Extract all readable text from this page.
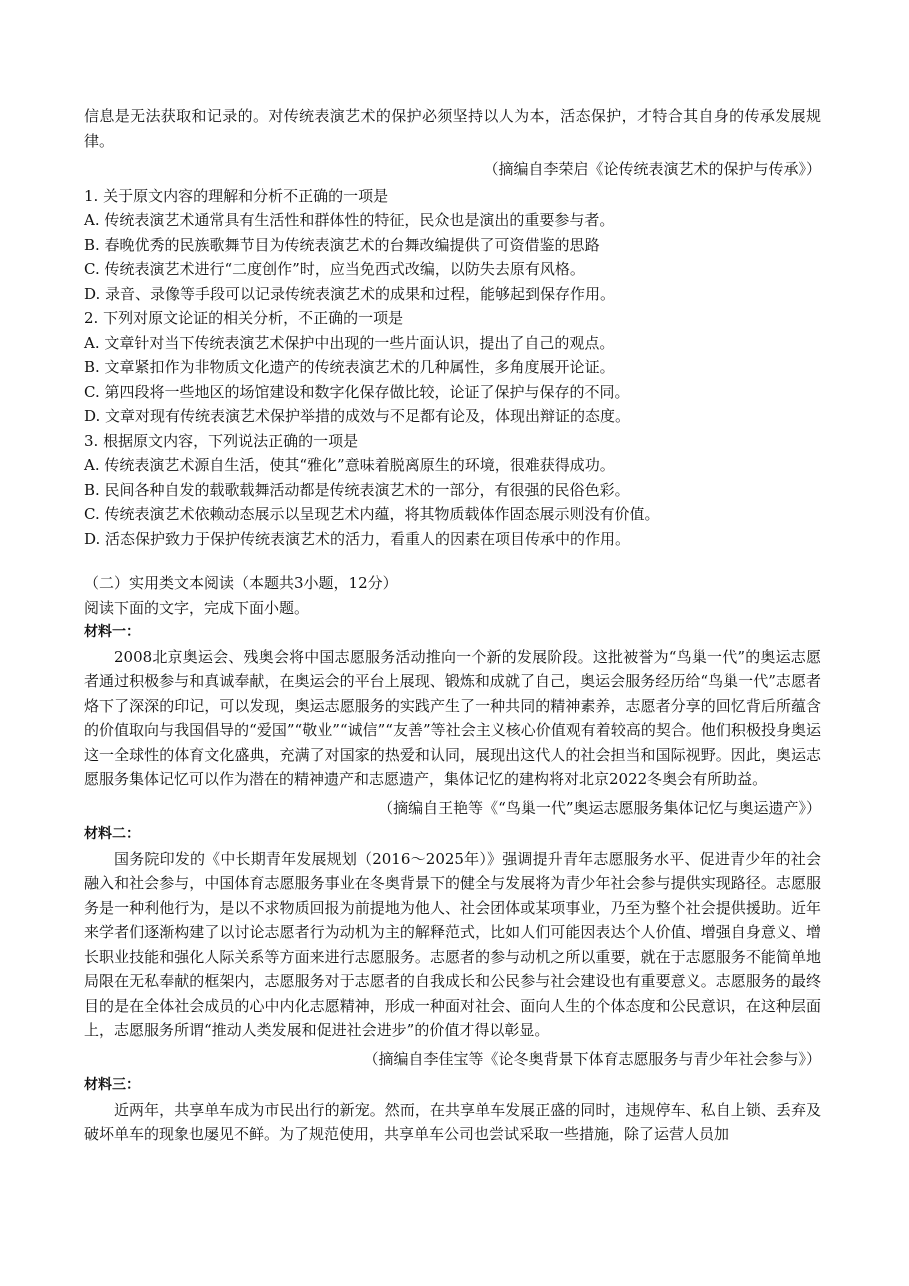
信息是无法获取和记录的。对传统表演艺术的保护必须坚持以人为本，活态保护，才特合其自身的传承发展规律。

（摘编自李荣启《论传统表演艺术的保护与传承》）

1. 关于原文内容的理解和分析不正确的一项是

A. 传统表演艺术通常具有生活性和群体性的特征，民众也是演出的重要参与者。

B. 春晚优秀的民族歌舞节目为传统表演艺术的台舞改编提供了可资借鉴的思路

C. 传统表演艺术进行“二度创作”时，应当免西式改编，以防失去原有风格。

D. 录音、录像等手段可以记录传统表演艺术的成果和过程，能够起到保存作用。

2. 下列对原文论证的相关分析，不正确的一项是

A. 文章针对当下传统表演艺术保护中出现的一些片面认识，提出了自己的观点。

B. 文章紧扣作为非物质文化遗产的传统表演艺术的几种属性，多角度展开论证。

C. 第四段将一些地区的场馆建设和数字化保存做比较，论证了保护与保存的不同。

D. 文章对现有传统表演艺术保护举措的成效与不足都有论及，体现出辩证的态度。

3. 根据原文内容，下列说法正确的一项是

A. 传统表演艺术源自生活，使其“雅化”意味着脱离原生的环境，很难获得成功。

B. 民间各种自发的载歌载舞活动都是传统表演艺术的一部分，有很强的民俗色彩。

C. 传统表演艺术依赖动态展示以呈现艺术内蕴，将其物质载体作固态展示则没有价值。

D. 活态保护致力于保护传统表演艺术的活力，看重人的因素在项目传承中的作用。

（二）实用类文本阅读（本题共3小题，12分）

阅读下面的文字，完成下面小题。

材料一：

2008北京奥运会、残奥会将中国志愿服务活动推向一个新的发展阶段。这批被誉为“鸟巢一代”的奥运志愿者通过积极参与和真诚奉献，在奥运会的平台上展现、锻炼和成就了自己，奥运会服务经历给“鸟巢一代”志愿者烙下了深深的印记，可以发现，奥运志愿服务的实践产生了一种共同的精神素养，志愿者分享的回忆背后所蕴含的价值取向与我国倡导的“爱国”“敬业”“诚信”“友善”等社会主义核心价值观有着较高的契合。他们积极投身奥运这一全球性的体育文化盛典，充满了对国家的热爱和认同，展现出这代人的社会担当和国际视野。因此，奥运志愿服务集体记忆可以作为潜在的精神遗产和志愿遗产，集体记忆的建构将对北京2022冬奥会有所助益。

（摘编自王艳等《“鸟巢一代”奥运志愿服务集体记忆与奥运遗产》）

材料二：

国务院印发的《中长期青年发展规划（2016～2025年）》强调提升青年志愿服务水平、促进青少年的社会融入和社会参与，中国体育志愿服务事业在冬奥背景下的健全与发展将为青少年社会参与提供实现路径。志愿服务是一种利他行为，是以不求物质回报为前提地为他人、社会团体或某项事业，乃至为整个社会提供援助。近年来学者们逐渐构建了以讨论志愿者行为动机为主的解释范式，比如人们可能因表达个人价值、增强自身意义、增长职业技能和强化人际关系等方面来进行志愿服务。志愿者的参与动机之所以重要，就在于志愿服务不能简单地局限在无私奉献的框架内，志愿服务对于志愿者的自我成长和公民参与社会建设也有重要意义。志愿服务的最终目的是在全体社会成员的心中内化志愿精神，形成一种面对社会、面向人生的个体态度和公民意识，在这种层面上，志愿服务所谓“推动人类发展和促进社会进步”的价值才得以彰显。

（摘编自李佳宝等《论冬奥背景下体育志愿服务与青少年社会参与》）

材料三：

近两年，共享单车成为市民出行的新宠。然而，在共享单车发展正盛的同时，违规停车、私自上锁、丢弃及破坏单车的现象也屡见不鲜。为了规范使用，共享单车公司也尝试采取一些措施，除了运营人员加
